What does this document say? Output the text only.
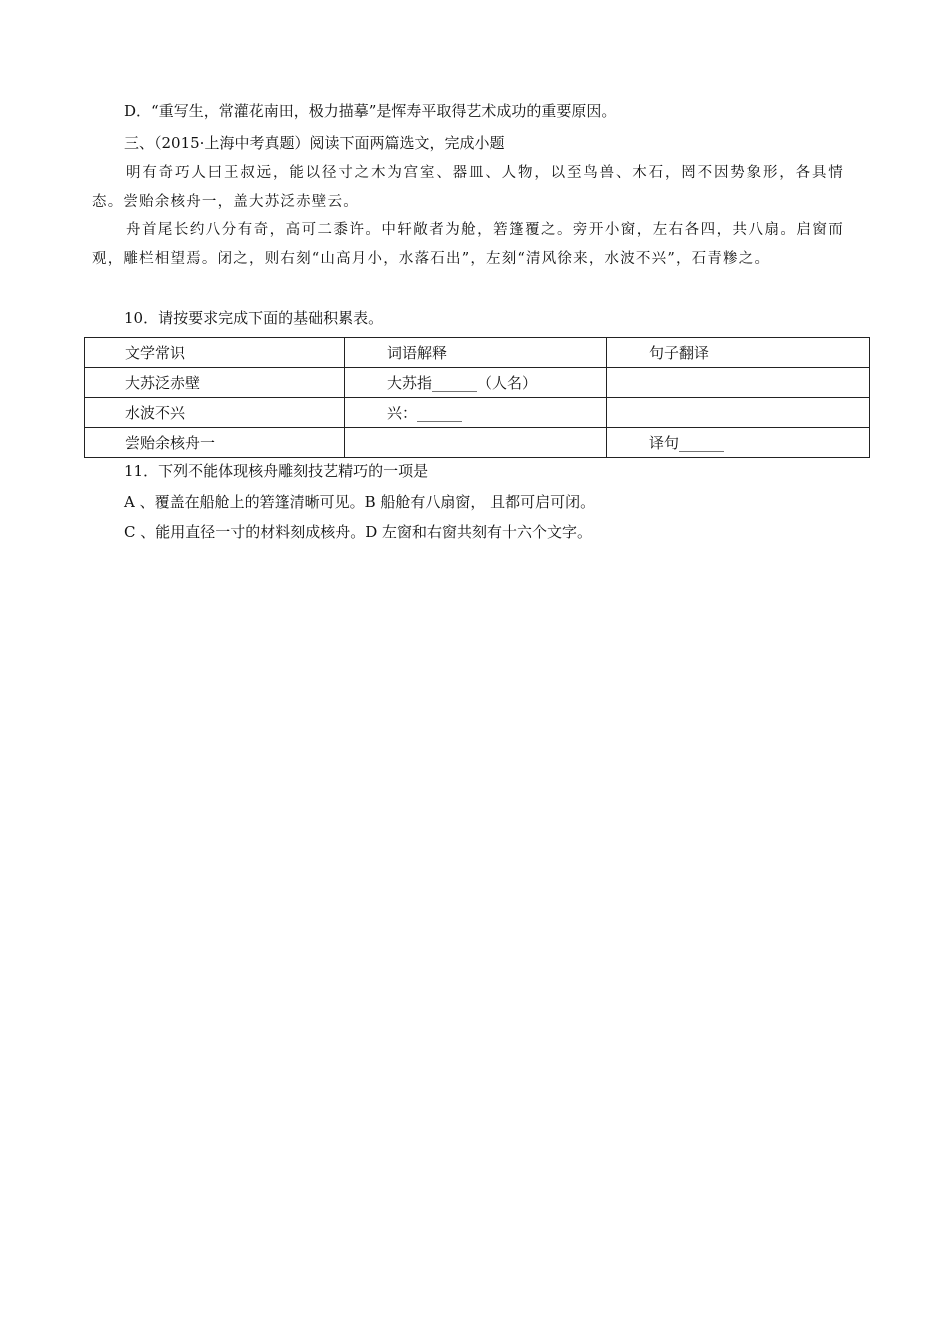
D．“重写生，常灌花南田，极力描摹”是恽寿平取得艺术成功的重要原因。
三、（2015·上海中考真题）阅读下面两篇选文，完成小题

明有奇巧人曰王叔远，能以径寸之木为宫室、器皿、人物，以至鸟兽、木石，罔不因势象形，各具情态。尝贻余核舟一，盖大苏泛赤壁云。

舟首尾长约八分有奇，高可二黍许。中轩敞者为舱，箬篷覆之。旁开小窗，左右各四，共八扇。启窗而观，雕栏相望焉。闭之，则右刻“山高月小，水落石出”，左刻“清风徐来，水波不兴”，石青糁之。

10．请按要求完成下面的基础积累表。
文学常识	词语解释	句子翻译
大苏泛赤壁	大苏指______（人名）	
水波不兴	兴：______	
尝贻余核舟一		译句______
11．下列不能体现核舟雕刻技艺精巧的一项是
A 、覆盖在船舱上的箬篷清晰可见。B 船舱有八扇窗， 且都可启可闭。
C 、能用直径一寸的材料刻成核舟。D 左窗和右窗共刻有十六个文字。
